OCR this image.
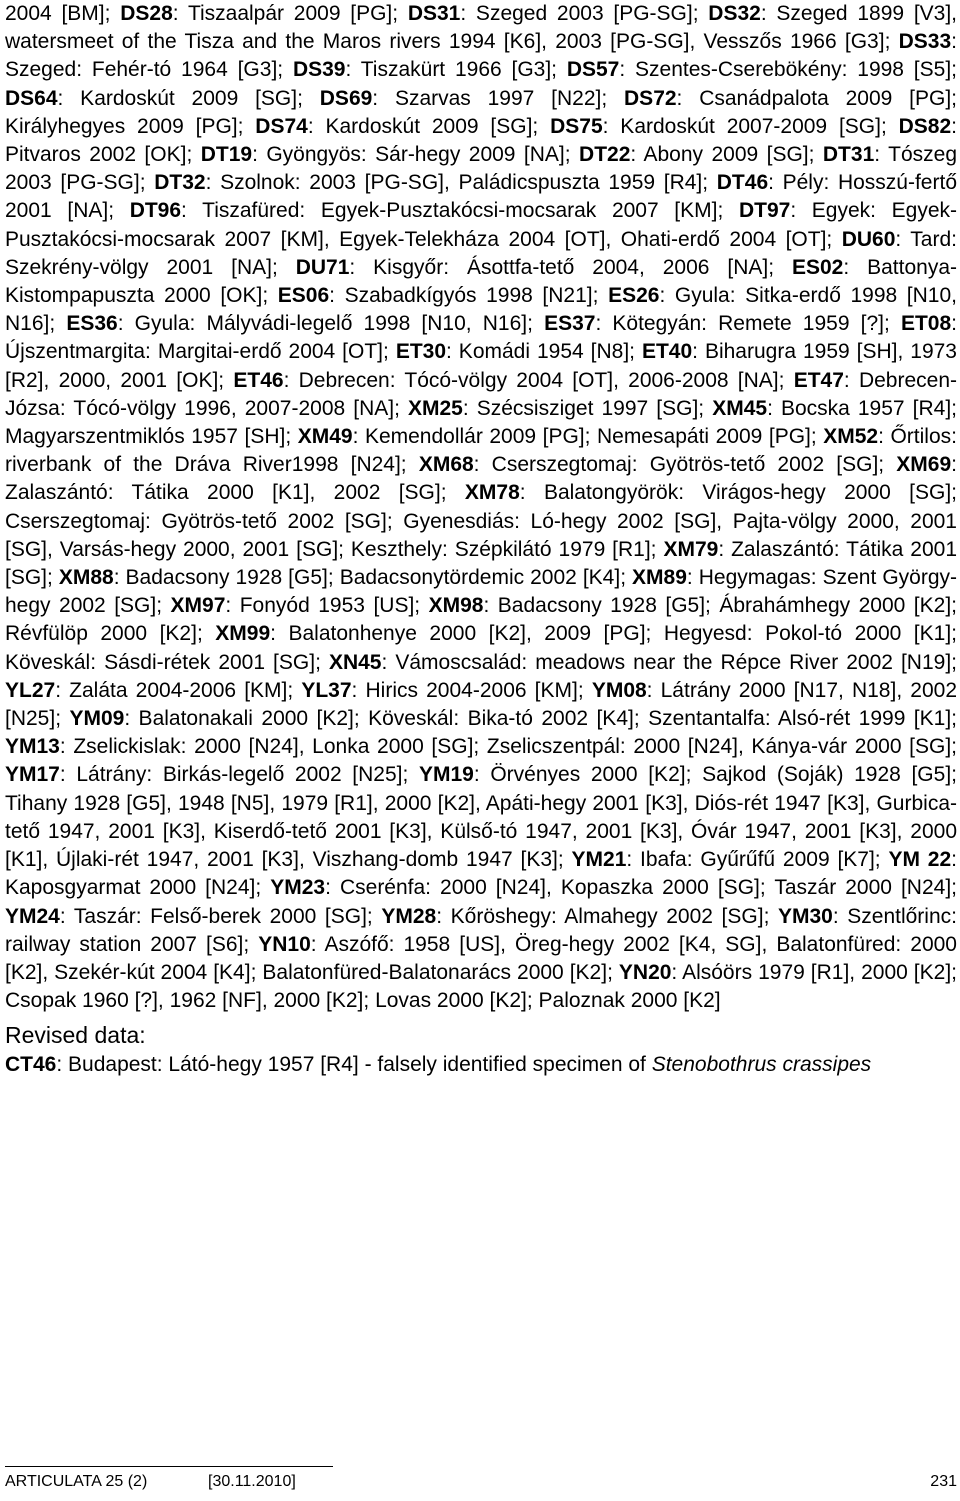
2004 [BM]; DS28: Tiszaalpár 2009 [PG]; DS31: Szeged 2003 [PG-SG]; DS32: Szeged 1899 [V3], watersmeet of the Tisza and the Maros rivers 1994 [K6], 2003 [PG-SG], Vesszős 1966 [G3]; DS33: Szeged: Fehér-tó 1964 [G3]; DS39: Tiszakürt 1966 [G3]; DS57: Szentes-Cserebökény: 1998 [S5]; DS64: Kardoskút 2009 [SG]; DS69: Szarvas 1997 [N22]; DS72: Csanádpalota 2009 [PG]; Királyhegyes 2009 [PG]; DS74: Kardoskút 2009 [SG]; DS75: Kardoskút 2007-2009 [SG]; DS82: Pitvaros 2002 [OK]; DT19: Gyöngyös: Sár-hegy 2009 [NA]; DT22: Abony 2009 [SG]; DT31: Tószeg 2003 [PG-SG]; DT32: Szolnok: 2003 [PG-SG], Paládicspuszta 1959 [R4]; DT46: Pély: Hosszú-fertő 2001 [NA]; DT96: Tiszafüred: Egyek-Pusztakócsi-mocsarak 2007 [KM]; DT97: Egyek: Egyek-Pusztakócsi-mocsarak 2007 [KM], Egyek-Telekháza 2004 [OT], Ohati-erdő 2004 [OT]; DU60: Tard: Szekrény-völgy 2001 [NA]; DU71: Kisgyőr: Ásottfa-tető 2004, 2006 [NA]; ES02: Battonya-Kistompapuszta 2000 [OK]; ES06: Szabadkígyós 1998 [N21]; ES26: Gyula: Sitka-erdő 1998 [N10, N16]; ES36: Gyula: Mályvádi-legelő 1998 [N10, N16]; ES37: Kötegyán: Remete 1959 [?]; ET08: Újszentmargita: Margitai-erdő 2004 [OT]; ET30: Komádi 1954 [N8]; ET40: Biharugra 1959 [SH], 1973 [R2], 2000, 2001 [OK]; ET46: Debrecen: Tócó-völgy 2004 [OT], 2006-2008 [NA]; ET47: Debrecen-Józsa: Tócó-völgy 1996, 2007-2008 [NA]; XM25: Szécsisziget 1997 [SG]; XM45: Bocska 1957 [R4]; Magyarszentmiklós 1957 [SH]; XM49: Kemendollár 2009 [PG]; Nemesapáti 2009 [PG]; XM52: Őrtilos: riverbank of the Dráva River1998 [N24]; XM68: Cserszegtomaj: Gyötrös-tető 2002 [SG]; XM69: Zalaszántó: Tátika 2000 [K1], 2002 [SG]; XM78: Balatongyörök: Virágos-hegy 2000 [SG]; Cserszegtomaj: Gyötrös-tető 2002 [SG]; Gyenesdiás: Ló-hegy 2002 [SG], Pajta-völgy 2000, 2001 [SG], Varsás-hegy 2000, 2001 [SG]; Keszthely: Szépkilátó 1979 [R1]; XM79: Zalaszántó: Tátika 2001 [SG]; XM88: Badacsony 1928 [G5]; Badacsonytördemic 2002 [K4]; XM89: Hegymagas: Szent György-hegy 2002 [SG]; XM97: Fonyód 1953 [US]; XM98: Badacsony 1928 [G5]; Ábrahámhegy 2000 [K2]; Révfülöp 2000 [K2]; XM99: Balatonhenye 2000 [K2], 2009 [PG]; Hegyesd: Pokol-tó 2000 [K1]; Köveskál: Sásdi-rétek 2001 [SG]; XN45: Vámoscsalád: meadows near the Répce River 2002 [N19]; YL27: Zaláta 2004-2006 [KM]; YL37: Hirics 2004-2006 [KM]; YM08: Látrány 2000 [N17, N18], 2002 [N25]; YM09: Balatonakali 2000 [K2]; Köveskál: Bika-tó 2002 [K4]; Szentantalfa: Alsó-rét 1999 [K1]; YM13: Zselickislak: 2000 [N24], Lonka 2000 [SG]; Zselicszentpál: 2000 [N24], Kánya-vár 2000 [SG]; YM17: Látrány: Birkás-legelő 2002 [N25]; YM19: Örvényes 2000 [K2]; Sajkod (Soják) 1928 [G5]; Tihany 1928 [G5], 1948 [N5], 1979 [R1], 2000 [K2], Apáti-hegy 2001 [K3], Diós-rét 1947 [K3], Gurbica-tető 1947, 2001 [K3], Kiserdő-tető 2001 [K3], Külső-tó 1947, 2001 [K3], Óvár 1947, 2001 [K3], 2000 [K1], Újlaki-rét 1947, 2001 [K3], Viszhang-domb 1947 [K3]; YM21: Ibafa: Gyűrűfű 2009 [K7]; YM 22: Kaposgyarmat 2000 [N24]; YM23: Cserénfa: 2000 [N24], Kopaszka 2000 [SG]; Taszár 2000 [N24]; YM24: Taszár: Felső-berek 2000 [SG]; YM28: Kőröshegy: Almahegy 2002 [SG]; YM30: Szentlőrinc: railway station 2007 [S6]; YN10: Aszófő: 1958 [US], Öreg-hegy 2002 [K4, SG], Balatonfüred: 2000 [K2], Szekér-kút 2004 [K4]; Balatonfüred-Balatonarács 2000 [K2]; YN20: Alsóörs 1979 [R1], 2000 [K2]; Csopak 1960 [?], 1962 [NF], 2000 [K2]; Lovas 2000 [K2]; Paloznak 2000 [K2]

Revised data:

CT46: Budapest: Látó-hegy 1957 [R4] - falsely identified specimen of Stenobothrus crassipes

ARTICULATA 25 (2)	[30.11.2010]	231
